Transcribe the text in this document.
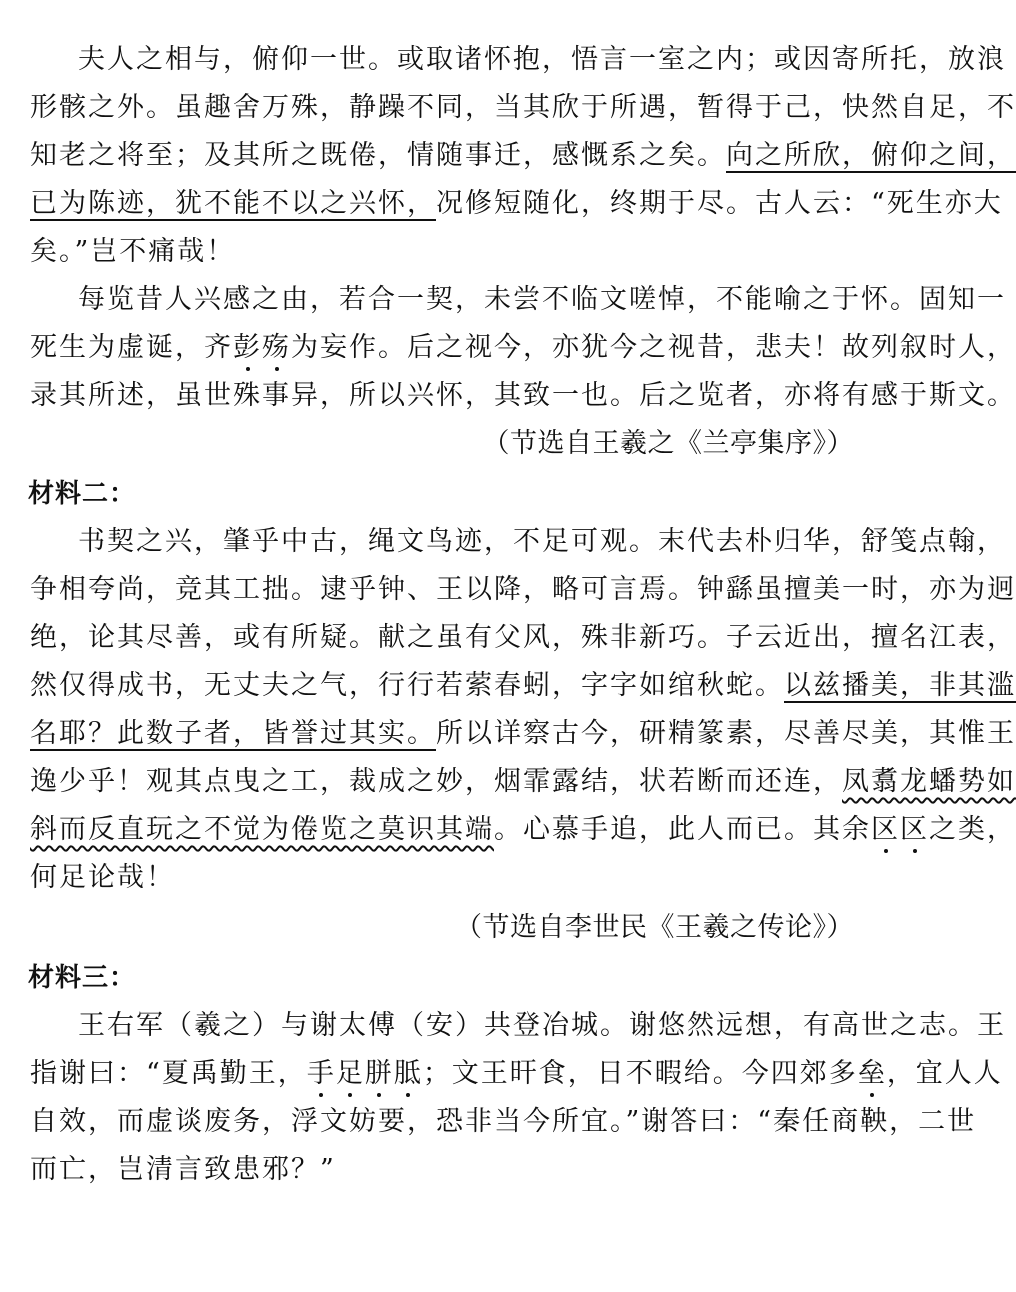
夫人之相与，俯仰一世。或取诸怀抱，悟言一室之内；或因寄所托，放浪
形骸之外。虽趣舍万殊，静躁不同，当其欣于所遇，暂得于己，快然自足，不
知老之将至；及其所之既倦，情随事迁，感慨系之矣。向之所欣，俯仰之间，
已为陈迹，犹不能不以之兴怀，况修短随化，终期于尽。古人云：“死生亦大
矣。”岂不痛哉！
每览昔人兴感之由，若合一契，未尝不临文嗟悼，不能喻之于怀。固知一
死生为虚诞，齐彭殇为妄作。后之视今，亦犹今之视昔，悲夫！故列叙时人，
录其所述，虽世殊事异，所以兴怀，其致一也。后之览者，亦将有感于斯文。
（节选自王羲之《兰亭集序》）
材料二：
书契之兴，肇乎中古，绳文鸟迹，不足可观。末代去朴归华，舒笺点翰，
争相夸尚，竞其工拙。逮乎钟、王以降，略可言焉。钟繇虽擅美一时，亦为迥
绝，论其尽善，或有所疑。献之虽有父风，殊非新巧。子云近出，擅名江表，
然仅得成书，无丈夫之气，行行若萦春蚓，字字如绾秋蛇。以兹播美，非其滥
名耶？此数子者，皆誉过其实。所以详察古今，研精篆素，尽善尽美，其惟王
逸少乎！观其点曳之工，裁成之妙，烟霏露结，状若断而还连，凤翥龙蟠势如
斜而反直玩之不觉为倦览之莫识其端。心慕手追，此人而已。其余区区之类，
何足论哉！
（节选自李世民《王羲之传论》）
材料三：
王右军（羲之）与谢太傅（安）共登冶城。谢悠然远想，有高世之志。王
指谢曰：“夏禹勤王，手足胼胝；文王旰食，日不暇给。今四郊多垒，宜人人
自效，而虚谈废务，浮文妨要，恐非当今所宜。”谢答曰：“秦任商鞅，二世
而亡，岂清言致患邪？”
